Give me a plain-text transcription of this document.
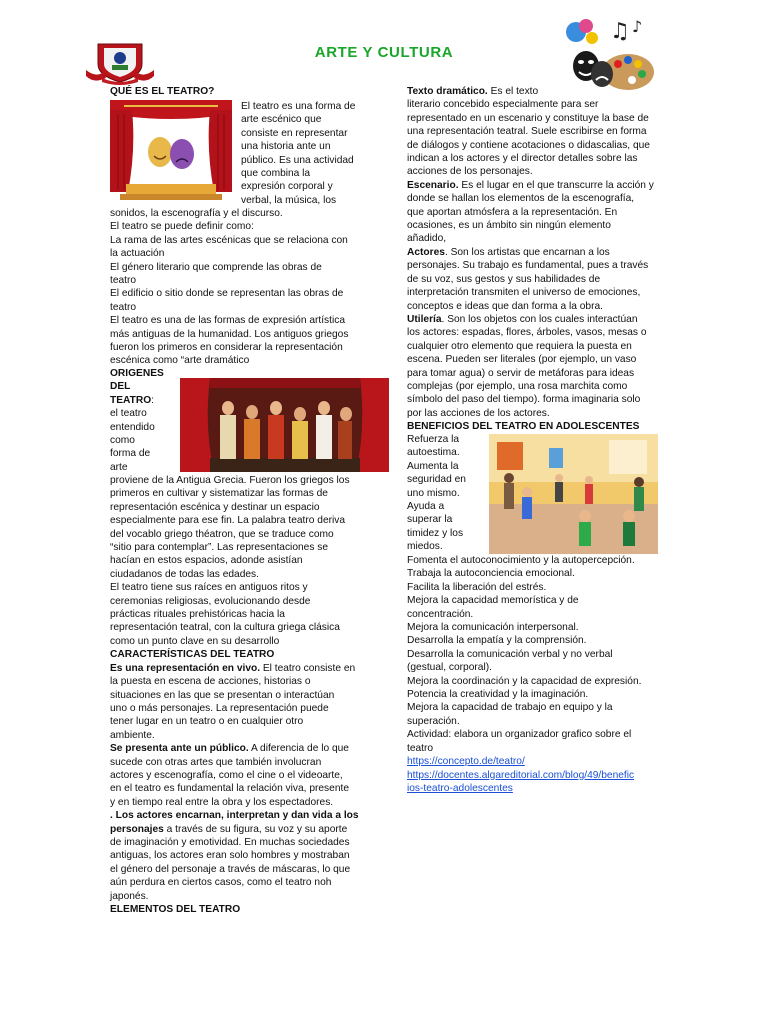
ARTE Y CULTURA
♫ ♪
QUÉ ES EL TEATRO?

El teatro es una forma de

arte escénico que

consiste en representar

una historia ante un

público. Es una actividad

que combina la

expresión corporal y

verbal, la música, los

sonidos, la escenografía y el discurso.

El teatro se puede definir como:

La rama de las artes escénicas que se relaciona con

la actuación

El género literario que comprende las obras de

teatro

El edificio o sitio donde se representan las obras de

teatro

El teatro es una de las formas de expresión artística

más antiguas de la humanidad. Los antiguos griegos

fueron los primeros en considerar la representación

escénica como “arte dramático

ORIGENES

DEL

TEATRO:

el teatro

entendido

como

forma de

arte

proviene de la Antigua Grecia. Fueron los griegos los

primeros en cultivar y sistematizar las formas de

representación escénica y destinar un espacio

especialmente para ese fin. La palabra teatro deriva

del vocablo griego théatron, que se traduce como

“sitio para contemplar”. Las representaciones se

hacían en estos espacios, adonde asistían

ciudadanos de todas las edades.

El teatro tiene sus raíces en antiguos ritos y

ceremonias religiosas, evolucionando desde

prácticas rituales prehistóricas hacia la

representación teatral, con la cultura griega clásica

como un punto clave en su desarrollo

CARACTERÍSTICAS DEL TEATRO

Es una representación en vivo. El teatro consiste en

la puesta en escena de acciones, historias o

situaciones en las que se presentan o interactúan

uno o más personajes. La representación puede

tener lugar en un teatro o en cualquier otro

ambiente.

Se presenta ante un público. A diferencia de lo que

sucede con otras artes que también involucran

actores y escenografía, como el cine o el videoarte,

en el teatro es fundamental la relación viva, presente

y en tiempo real entre la obra y los espectadores.

. Los actores encarnan, interpretan y dan vida a los

personajes a través de su figura, su voz y su aporte

de imaginación y emotividad. En muchas sociedades

antiguas, los actores eran solo hombres y mostraban

el género del personaje a través de máscaras, lo que

aún perdura en ciertos casos, como el teatro noh

japonés.

ELEMENTOS DEL TEATRO

Texto dramático. Es el texto

literario concebido especialmente para ser

representado en un escenario y constituye la base de

una representación teatral. Suele escribirse en forma

de diálogos y contiene acotaciones o didascalias, que

indican a los actores y el director detalles sobre las

acciones de los personajes.

Escenario. Es el lugar en el que transcurre la acción y

donde se hallan los elementos de la escenografía,

que aportan atmósfera a la representación. En

ocasiones, es un ámbito sin ningún elemento

añadido,

Actores. Son los artistas que encarnan a los

personajes. Su trabajo es fundamental, pues a través

de su voz, sus gestos y sus habilidades de

interpretación transmiten el universo de emociones,

conceptos e ideas que dan forma a la obra.

Utilería. Son los objetos con los cuales interactúan

los actores: espadas, flores, árboles, vasos, mesas o

cualquier otro elemento que requiera la puesta en

escena. Pueden ser literales (por ejemplo, un vaso

para tomar agua) o servir de metáforas para ideas

complejas (por ejemplo, una rosa marchita como

símbolo del paso del tiempo). forma imaginaria solo

por las acciones de los actores.

BENEFICIOS DEL TEATRO EN ADOLESCENTES

Refuerza la

autoestima.

Aumenta la

seguridad en

uno mismo.

Ayuda a

superar la

timidez y los

miedos.

Fomenta el autoconocimiento y la autopercepción.

Trabaja la autoconciencia emocional.

Facilita la liberación del estrés.

Mejora la capacidad memorística y de

concentración.

Mejora la comunicación interpersonal.

Desarrolla la empatía y la comprensión.

Desarrolla la comunicación verbal y no verbal

(gestual, corporal).

Mejora la coordinación y la capacidad de expresión.

Potencia la creatividad y la imaginación.

Mejora la capacidad de trabajo en equipo y la

superación.

Actividad: elabora un organizador grafico sobre el

teatro

https://concepto.de/teatro/

https://docentes.algareditorial.com/blog/49/benefic
ios-teatro-adolescentes
